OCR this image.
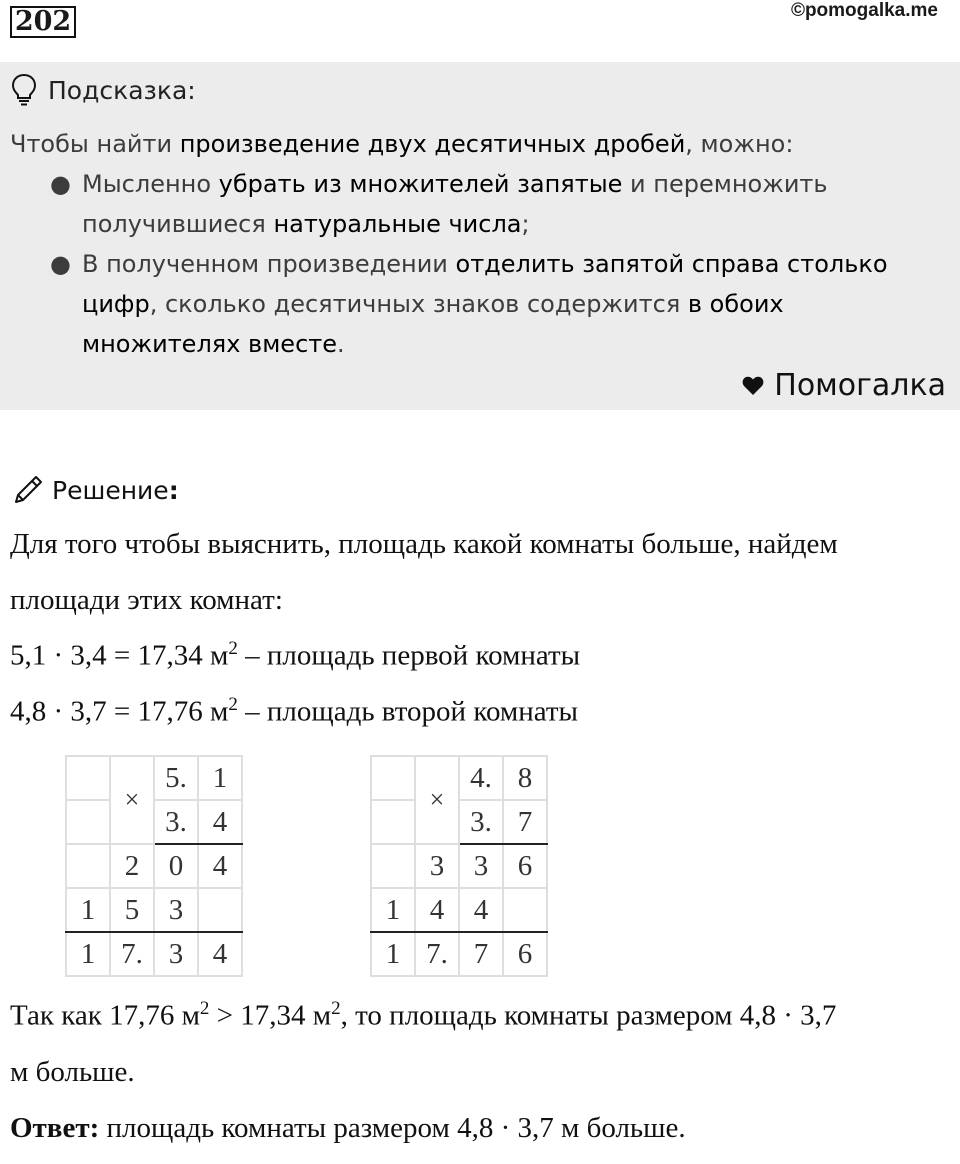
202	©pomogalka.me
Подсказка:
Чтобы найти произведение двух десятичных дробей, можно:
● Мысленно убрать из множителей запятые и перемножить
получившиеся натуральные числа;
● В полученном произведении отделить запятой справа столько
цифр, сколько десятичных знаков содержится в обоих
множителях вместе.
Помогалка
Решение :
Для того чтобы выяснить, площадь какой комнаты больше, найдем
площади этих комнат:
5,1 · 3,4 = 17,34 $м^2$ – площадь первой комнаты
4,8 · 3,7 = 17,76 $м^2$ – площадь второй комнаты
	×	5.	1
		3.	4
	2	0	4
1	5	3	
1	7.	3	4
	×	4.	8
		3.	7
	3	3	6
1	4	4	
1	7.	7	6
Так как 17,76 $м^2 > 17,34$ $м^2$, то площадь комнаты размером 4,8 · 3,7
м больше.
Ответ: площадь комнаты размером 4,8 · 3,7 м больше.
